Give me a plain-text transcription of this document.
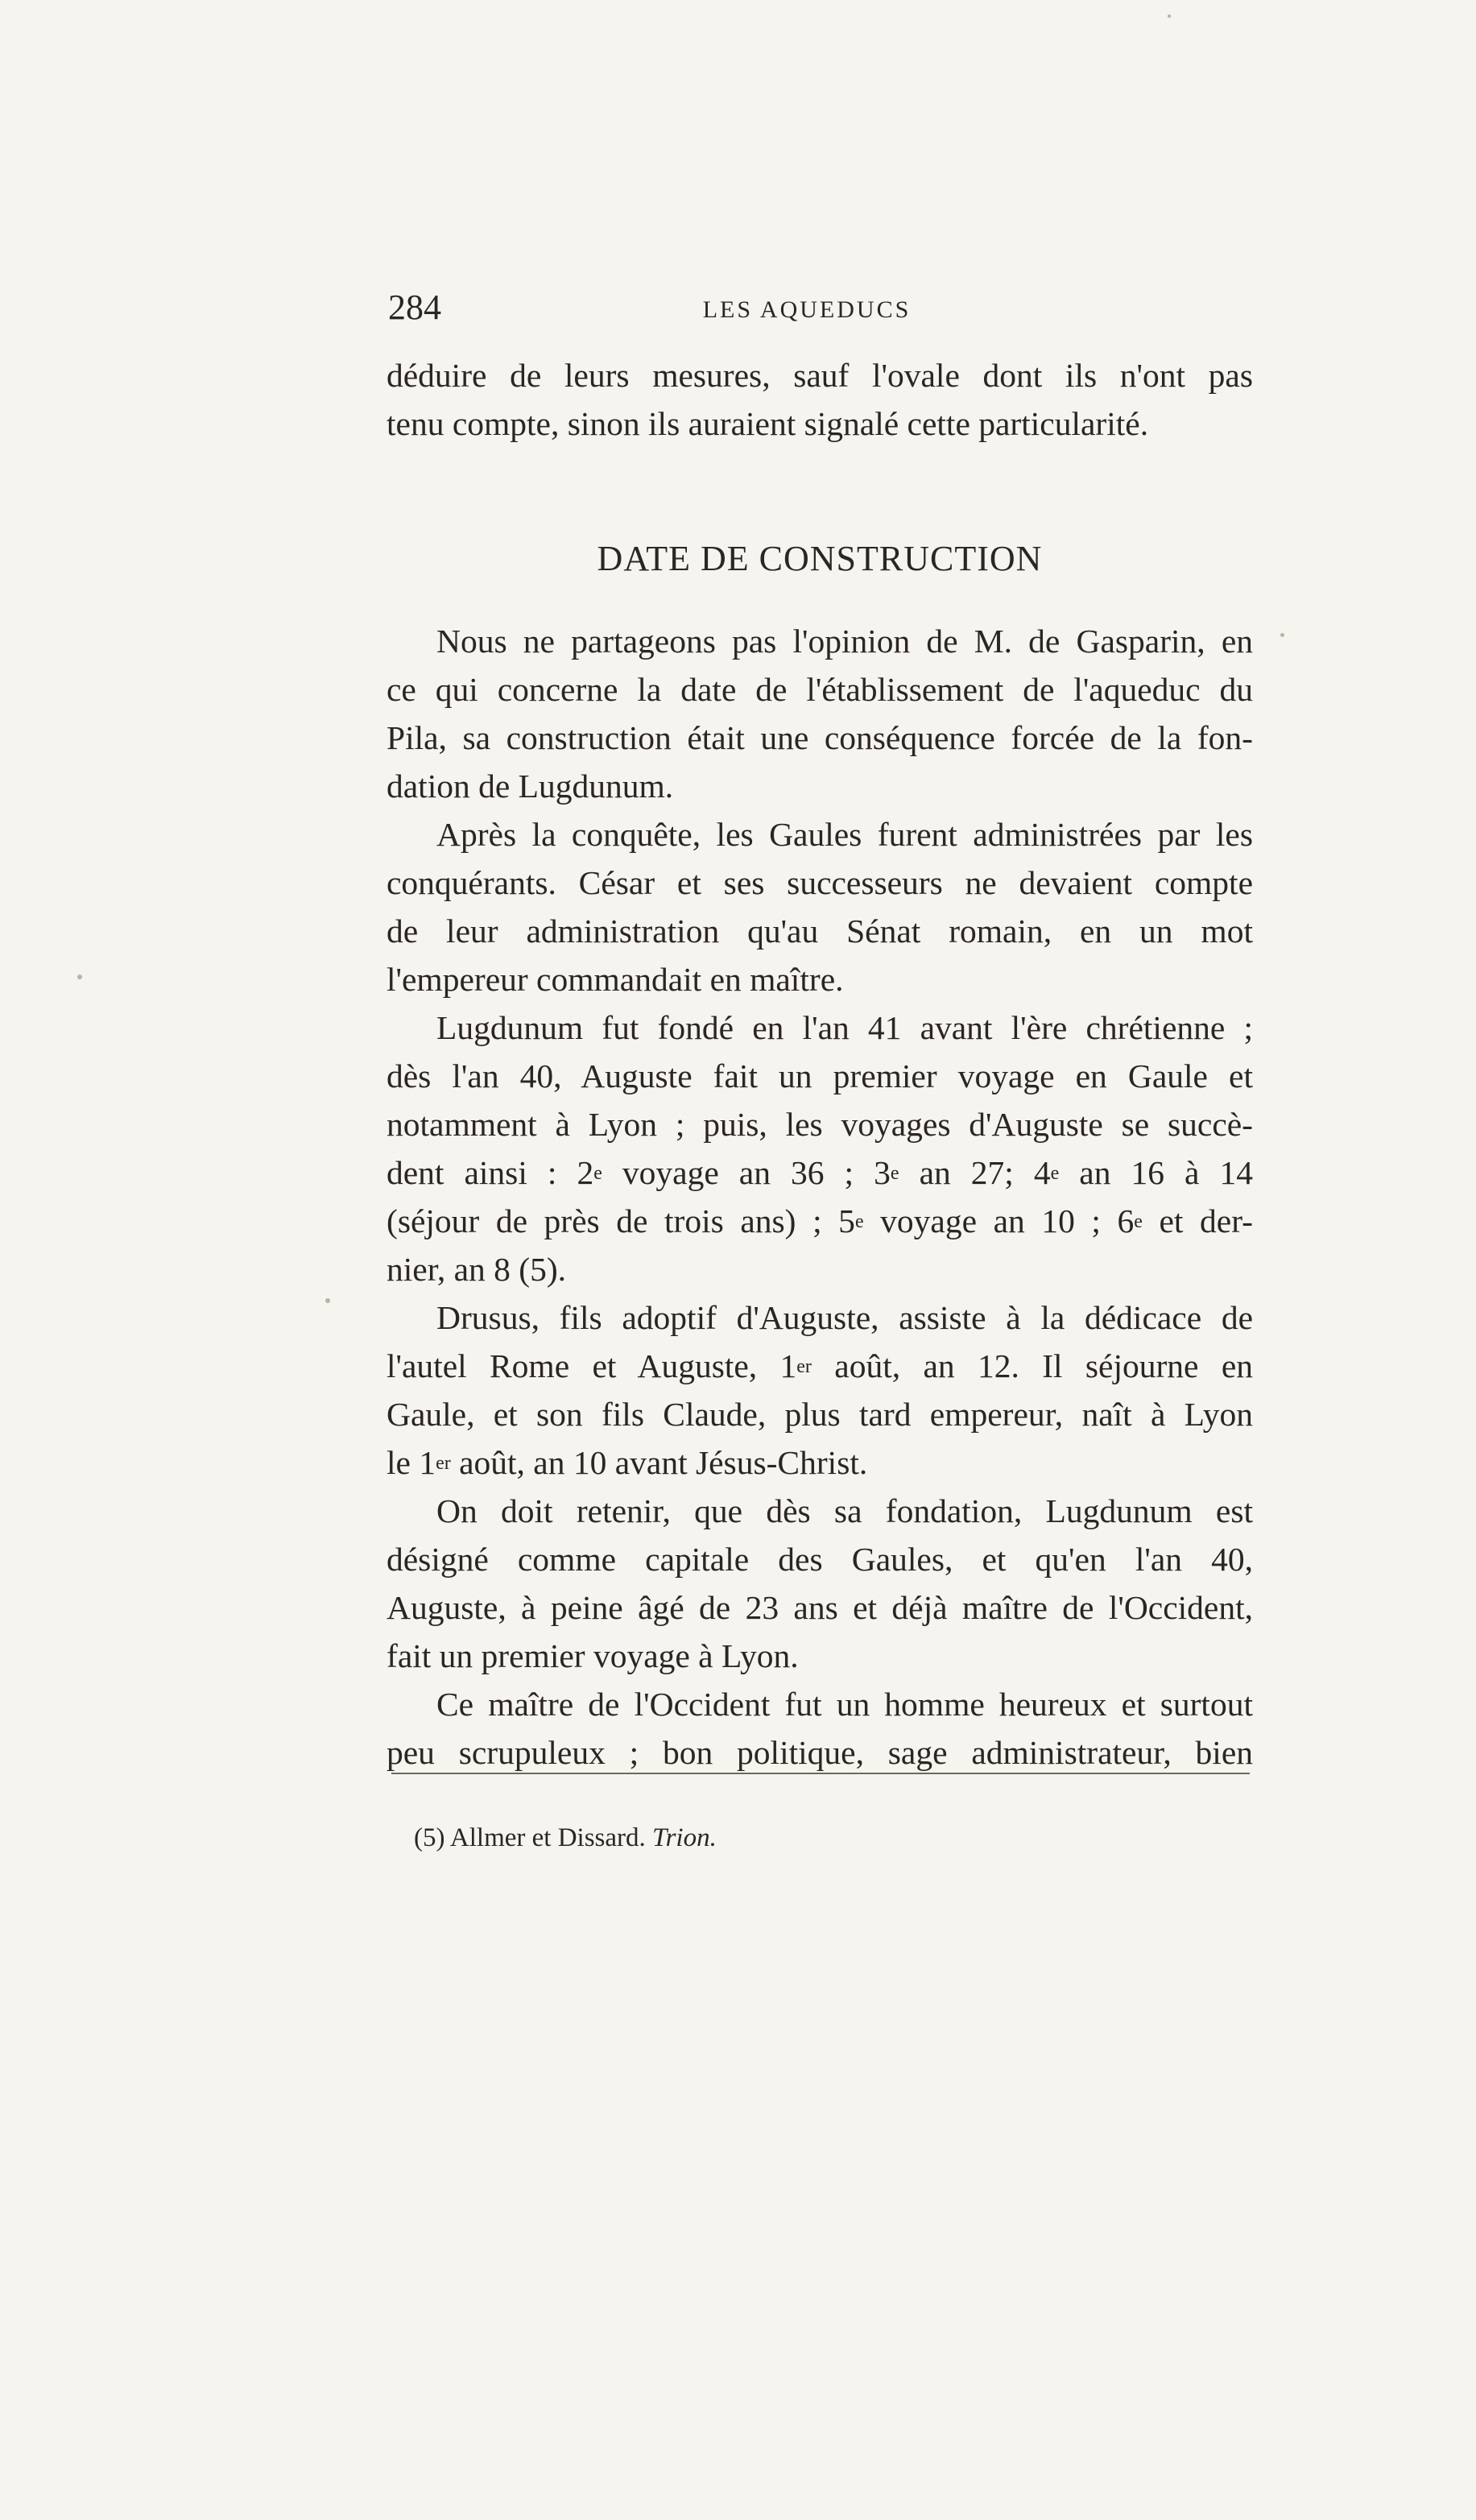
284	LES AQUEDUCS
déduire de leurs mesures, sauf l'ovale dont ils n'ont pas
tenu compte, sinon ils auraient signalé cette particularité.
DATE DE CONSTRUCTION
Nous ne partageons pas l'opinion de M. de Gasparin, en
ce qui concerne la date de l'établissement de l'aqueduc du
Pila, sa construction était une conséquence forcée de la fon-
dation de Lugdunum.
Après la conquête, les Gaules furent administrées par les
conquérants. César et ses successeurs ne devaient compte
de leur administration qu'au Sénat romain, en un mot
l'empereur commandait en maître.
Lugdunum fut fondé en l'an 41 avant l'ère chrétienne ;
dès l'an 40, Auguste fait un premier voyage en Gaule et
notamment à Lyon ; puis, les voyages d'Auguste se succè-
dent ainsi : 2e voyage an 36 ; 3e an 27; 4e an 16 à 14
(séjour de près de trois ans) ; 5e voyage an 10 ; 6e et der-
nier, an 8 (5).
Drusus, fils adoptif d'Auguste, assiste à la dédicace de
l'autel Rome et Auguste, 1er août, an 12. Il séjourne en
Gaule, et son fils Claude, plus tard empereur, naît à Lyon
le 1er août, an 10 avant Jésus-Christ.
On doit retenir, que dès sa fondation, Lugdunum est
désigné comme capitale des Gaules, et qu'en l'an 40,
Auguste, à peine âgé de 23 ans et déjà maître de l'Occident,
fait un premier voyage à Lyon.
Ce maître de l'Occident fut un homme heureux et surtout
peu scrupuleux ; bon politique, sage administrateur, bien
(5) Allmer et Dissard. Trion.
